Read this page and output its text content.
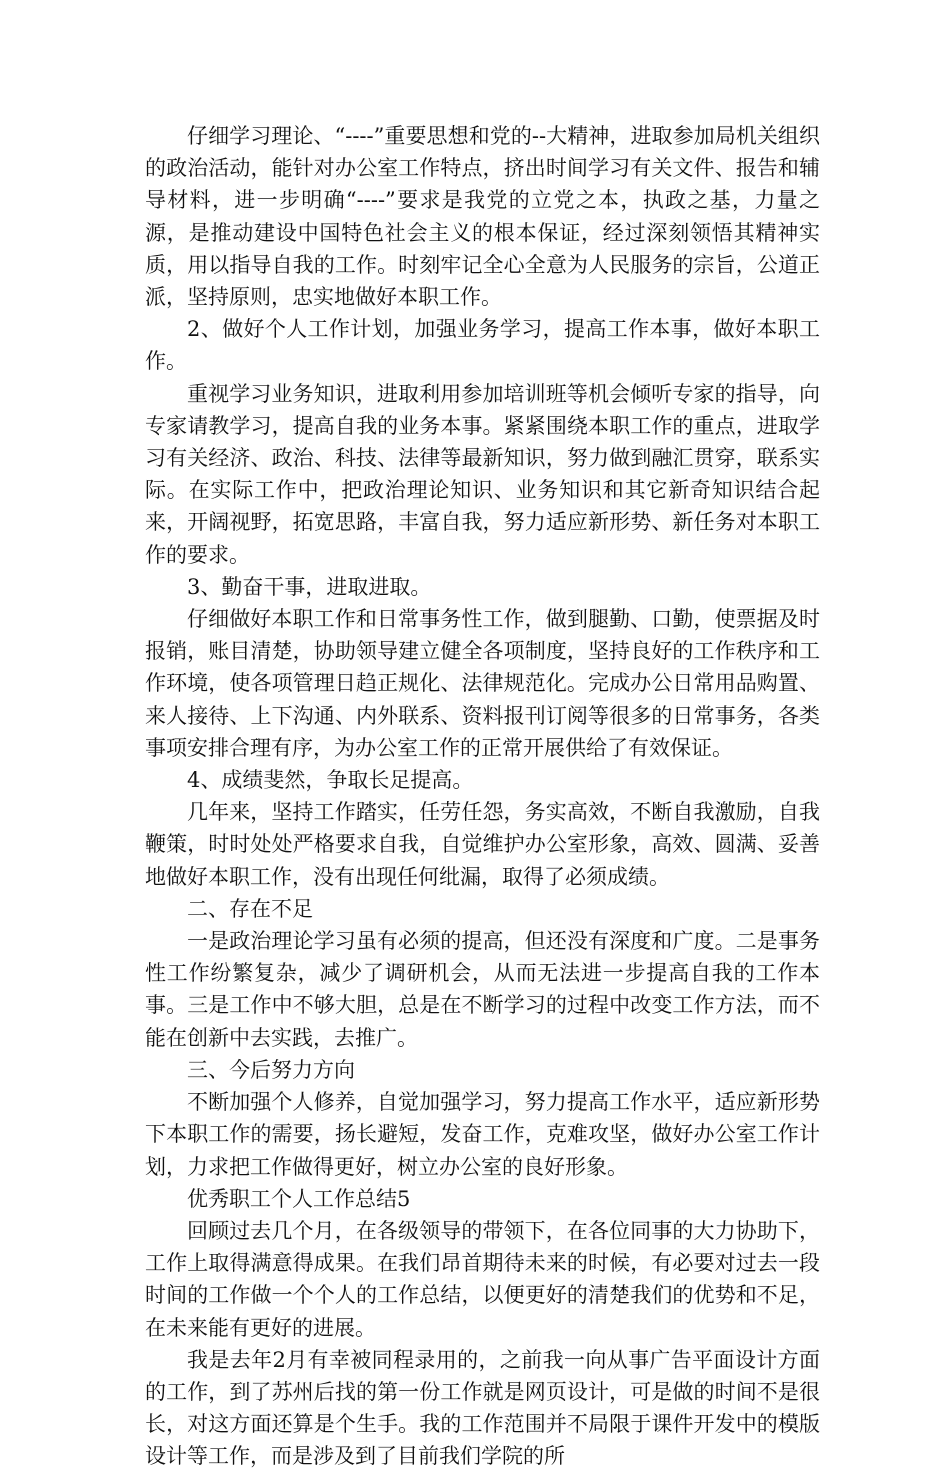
仔细学习理论、“----”重要思想和党的--大精神，进取参加局机关组织的政治活动，能针对办公室工作特点，挤出时间学习有关文件、报告和辅导材料，进一步明确“----”要求是我党的立党之本，执政之基，力量之源，是推动建设中国特色社会主义的根本保证，经过深刻领悟其精神实质，用以指导自我的工作。时刻牢记全心全意为人民服务的宗旨，公道正派，坚持原则，忠实地做好本职工作。

2、做好个人工作计划，加强业务学习，提高工作本事，做好本职工作。

重视学习业务知识，进取利用参加培训班等机会倾听专家的指导，向专家请教学习，提高自我的业务本事。紧紧围绕本职工作的重点，进取学习有关经济、政治、科技、法律等最新知识，努力做到融汇贯穿，联系实际。在实际工作中，把政治理论知识、业务知识和其它新奇知识结合起来，开阔视野，拓宽思路，丰富自我，努力适应新形势、新任务对本职工作的要求。

3、勤奋干事，进取进取。

仔细做好本职工作和日常事务性工作，做到腿勤、口勤，使票据及时报销，账目清楚，协助领导建立健全各项制度，坚持良好的工作秩序和工作环境，使各项管理日趋正规化、法律规范化。完成办公日常用品购置、来人接待、上下沟通、内外联系、资料报刊订阅等很多的日常事务，各类事项安排合理有序，为办公室工作的正常开展供给了有效保证。

4、成绩斐然，争取长足提高。

几年来，坚持工作踏实，任劳任怨，务实高效，不断自我激励，自我鞭策，时时处处严格要求自我，自觉维护办公室形象，高效、圆满、妥善地做好本职工作，没有出现任何纰漏，取得了必须成绩。

二、存在不足

一是政治理论学习虽有必须的提高，但还没有深度和广度。二是事务性工作纷繁复杂，减少了调研机会，从而无法进一步提高自我的工作本事。三是工作中不够大胆，总是在不断学习的过程中改变工作方法，而不能在创新中去实践，去推广。

三、今后努力方向

不断加强个人修养，自觉加强学习，努力提高工作水平，适应新形势下本职工作的需要，扬长避短，发奋工作，克难攻坚，做好办公室工作计划，力求把工作做得更好，树立办公室的良好形象。

优秀职工个人工作总结5

回顾过去几个月，在各级领导的带领下，在各位同事的大力协助下，工作上取得满意得成果。在我们昂首期待未来的时候，有必要对过去一段时间的工作做一个个人的工作总结，以便更好的清楚我们的优势和不足，在未来能有更好的进展。

我是去年2月有幸被同程录用的，之前我一向从事广告平面设计方面的工作，到了苏州后找的第一份工作就是网页设计，可是做的时间不是很长，对这方面还算是个生手。我的工作范围并不局限于课件开发中的模版设计等工作，而是涉及到了目前我们学院的所
